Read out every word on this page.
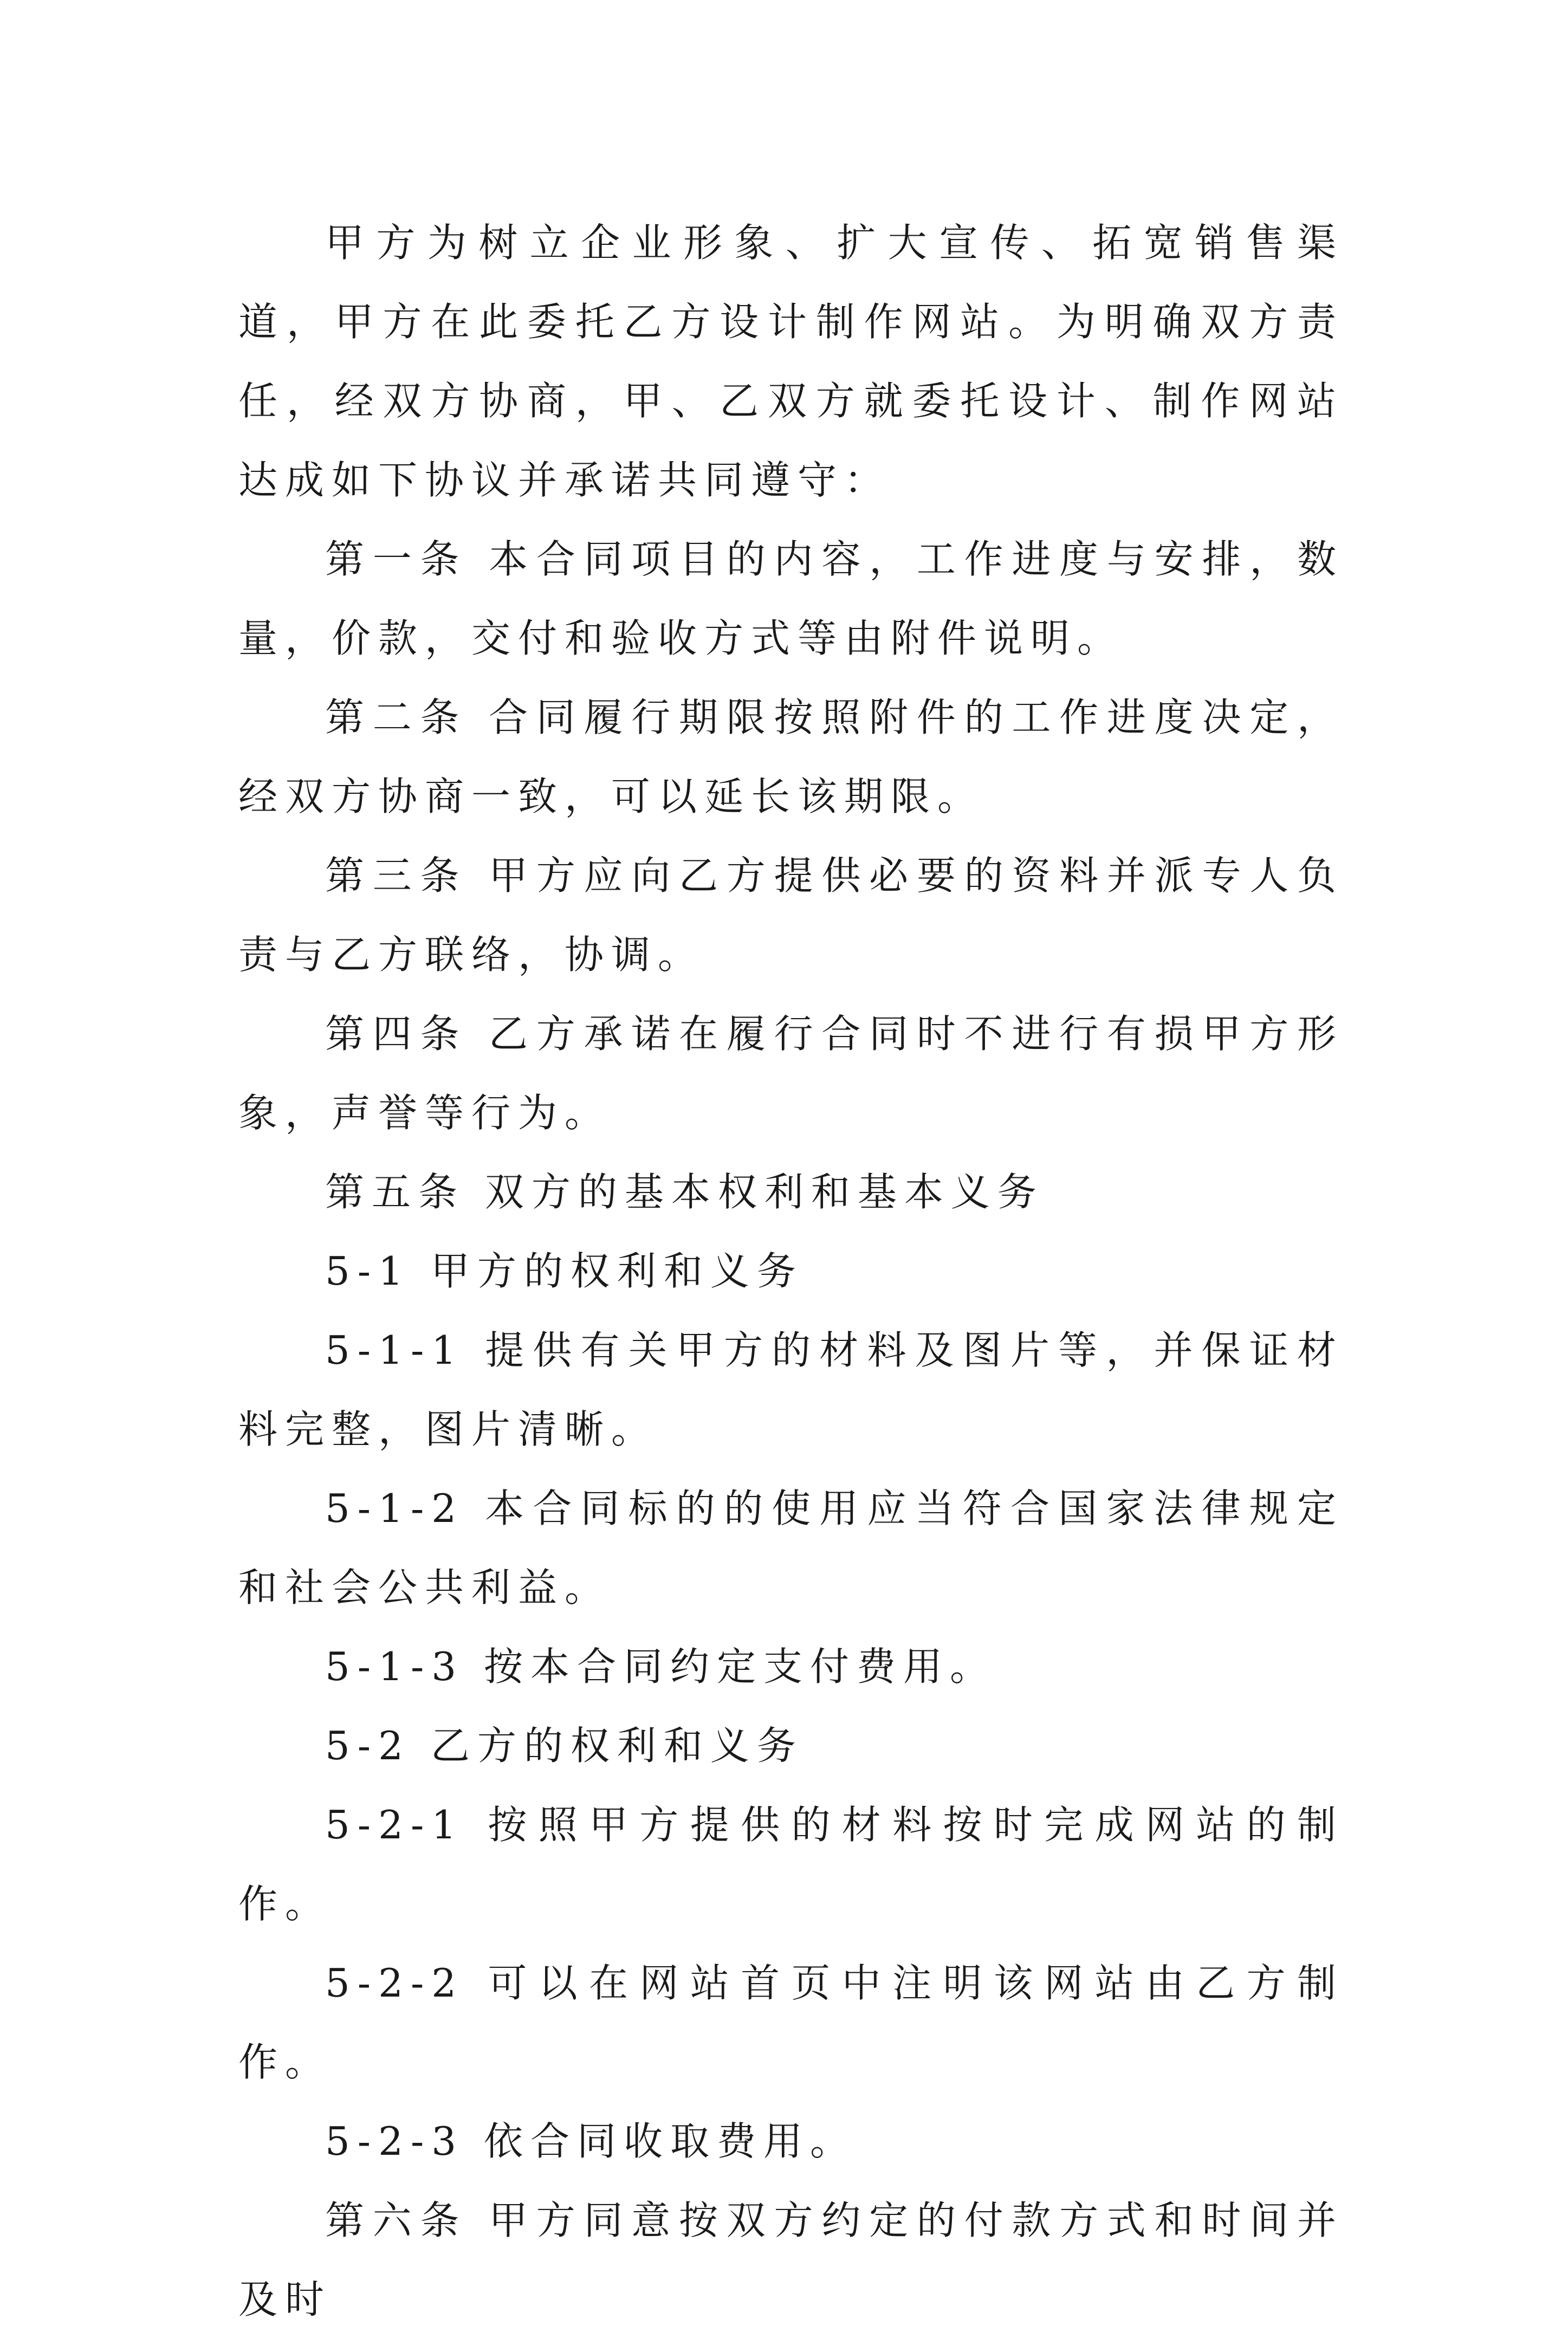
甲方为树立企业形象、扩大宣传、拓宽销售渠道，甲方在此委托乙方设计制作网站。为明确双方责任，经双方协商，甲、乙双方就委托设计、制作网站达成如下协议并承诺共同遵守：

第一条 本合同项目的内容，工作进度与安排，数量，价款，交付和验收方式等由附件说明。

第二条 合同履行期限按照附件的工作进度决定，经双方协商一致，可以延长该期限。

第三条 甲方应向乙方提供必要的资料并派专人负责与乙方联络，协调。

第四条 乙方承诺在履行合同时不进行有损甲方形象，声誉等行为。

第五条 双方的基本权利和基本义务

5-1 甲方的权利和义务

5-1-1 提供有关甲方的材料及图片等，并保证材料完整，图片清晰。

5-1-2 本合同标的的使用应当符合国家法律规定和社会公共利益。

5-1-3 按本合同约定支付费用。

5-2 乙方的权利和义务

5-2-1 按照甲方提供的材料按时完成网站的制作。

5-2-2 可以在网站首页中注明该网站由乙方制作。

5-2-3 依合同收取费用。

第六条 甲方同意按双方约定的付款方式和时间并及时
